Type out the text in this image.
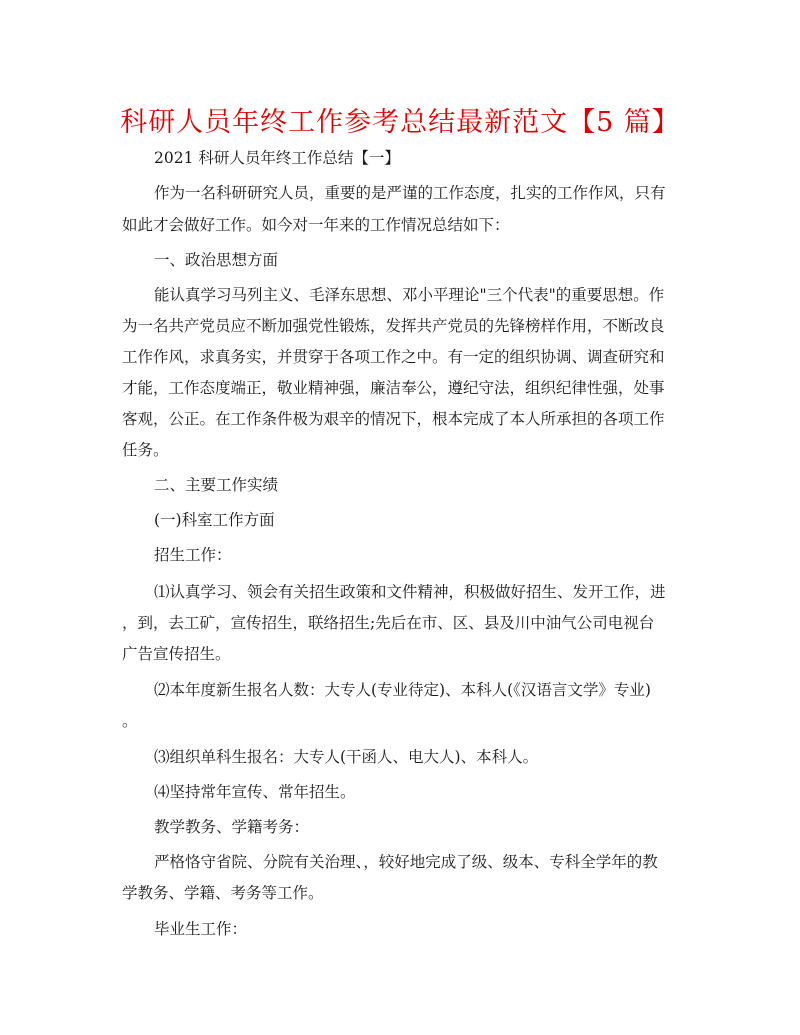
科研人员年终工作参考总结最新范文【5 篇】
2021 科研人员年终工作总结【一】
作为一名科研研究人员，重要的是严谨的工作态度，扎实的工作作风，只有
如此才会做好工作。如今对一年来的工作情况总结如下：
一、政治思想方面
能认真学习马列主义、毛泽东思想、邓小平理论"三个代表"的重要思想。作
为一名共产党员应不断加强党性锻炼，发挥共产党员的先锋榜样作用，不断改良
工作作风，求真务实，并贯穿于各项工作之中。有一定的组织协调、调查研究和
才能，工作态度端正，敬业精神强，廉洁奉公，遵纪守法，组织纪律性强，处事
客观，公正。在工作条件极为艰辛的情况下，根本完成了本人所承担的各项工作
任务。
二、主要工作实绩
(一)科室工作方面
招生工作：
⑴认真学习、领会有关招生政策和文件精神，积极做好招生、发开工作，进
，到，去工矿，宣传招生，联络招生;先后在市、区、县及川中油气公司电视台
广告宣传招生。
⑵本年度新生报名人数：大专人(专业待定)、本科人(《汉语言文学》专业)
。
⑶组织单科生报名：大专人(干函人、电大人)、本科人。
⑷坚持常年宣传、常年招生。
教学教务、学籍考务：
严格恪守省院、分院有关治理、，较好地完成了级、级本、专科全学年的教
学教务、学籍、考务等工作。
毕业生工作：
